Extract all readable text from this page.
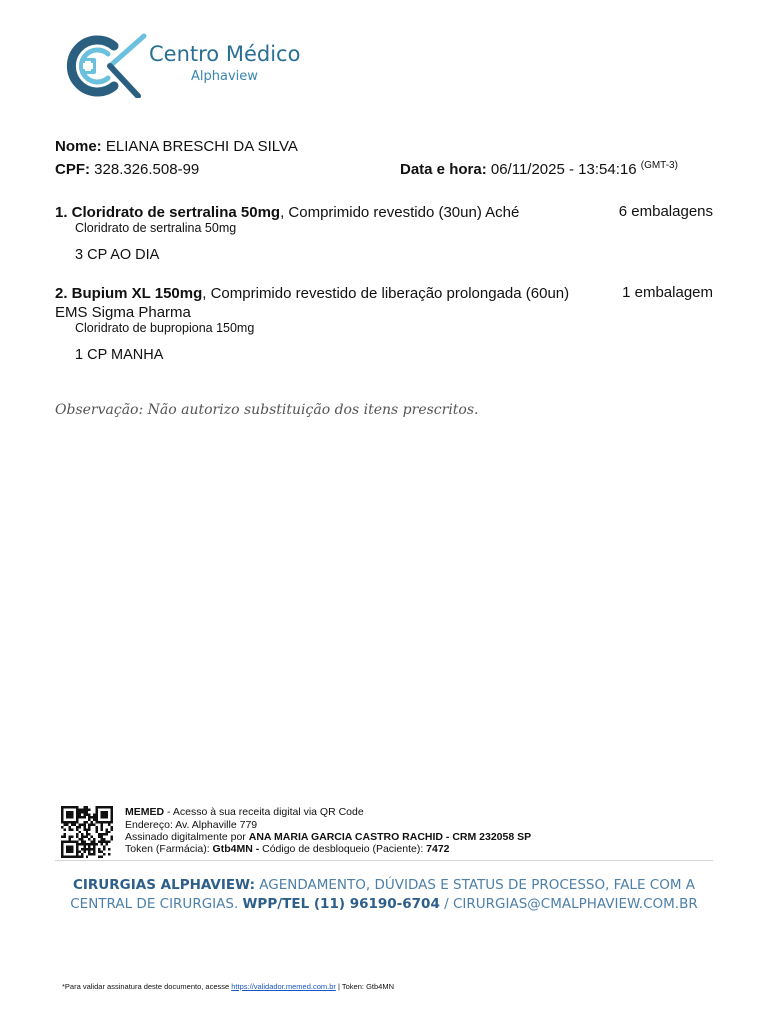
Centro Médico
Alphaview
Nome: ELIANA BRESCHI DA SILVA
CPF: 328.326.508-99	Data e hora: 06/11/2025 - 13:54:16 $^{(GMT-3)}$
1. Cloridrato de sertralina 50mg, Comprimido revestido (30un) Aché	6 embalagens
Cloridrato de sertralina 50mg
3 CP AO DIA
2. Bupium XL 150mg, Comprimido revestido de liberação prolongada (60un) EMS Sigma Pharma
1 embalagem
Cloridrato de bupropiona 150mg
1 CP MANHA
Observação: Não autorizo substituição dos itens prescritos.
MEMED - Acesso à sua receita digital via QR Code
Endereço: Av. Alphaville 779
Assinado digitalmente por ANA MARIA GARCIA CASTRO RACHID - CRM 232058 SP
Token (Farmácia): Gtb4MN - Código de desbloqueio (Paciente): 7472
CIRURGIAS ALPHAVIEW: AGENDAMENTO, DÚVIDAS E STATUS DE PROCESSO, FALE COM A
CENTRAL DE CIRURGIAS. WPP/TEL (11) 96190-6704 / CIRURGIAS@CMALPHAVIEW.COM.BR
*Para validar assinatura deste documento, acesse https://validador.memed.com.br | Token: Gtb4MN
